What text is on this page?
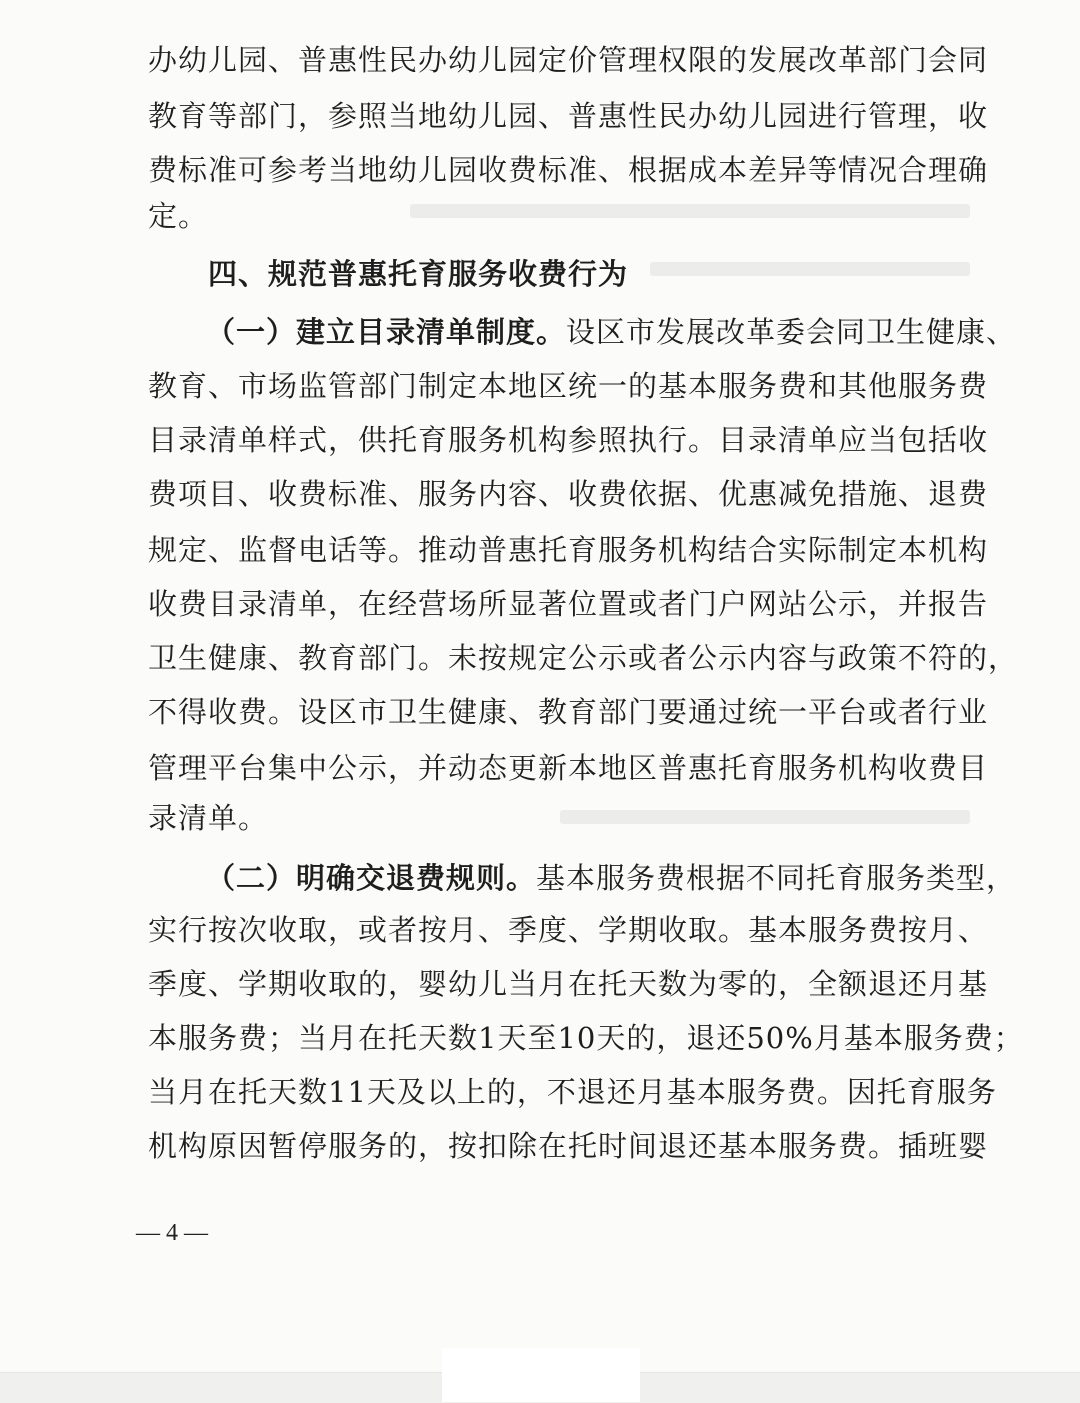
办幼儿园、普惠性民办幼儿园定价管理权限的发展改革部门会同
教育等部门，参照当地幼儿园、普惠性民办幼儿园进行管理，收
费标准可参考当地幼儿园收费标准、根据成本差异等情况合理确
定。
四、规范普惠托育服务收费行为
（一）建立目录清单制度。设区市发展改革委会同卫生健康、
教育、市场监管部门制定本地区统一的基本服务费和其他服务费
目录清单样式，供托育服务机构参照执行。目录清单应当包括收
费项目、收费标准、服务内容、收费依据、优惠减免措施、退费
规定、监督电话等。推动普惠托育服务机构结合实际制定本机构
收费目录清单，在经营场所显著位置或者门户网站公示，并报告
卫生健康、教育部门。未按规定公示或者公示内容与政策不符的，
不得收费。设区市卫生健康、教育部门要通过统一平台或者行业
管理平台集中公示，并动态更新本地区普惠托育服务机构收费目
录清单。
（二）明确交退费规则。基本服务费根据不同托育服务类型，
实行按次收取，或者按月、季度、学期收取。基本服务费按月、
季度、学期收取的，婴幼儿当月在托天数为零的，全额退还月基
本服务费；当月在托天数1天至10天的，退还50%月基本服务费；
当月在托天数11天及以上的，不退还月基本服务费。因托育服务
机构原因暂停服务的，按扣除在托时间退还基本服务费。插班婴
— 4 —
